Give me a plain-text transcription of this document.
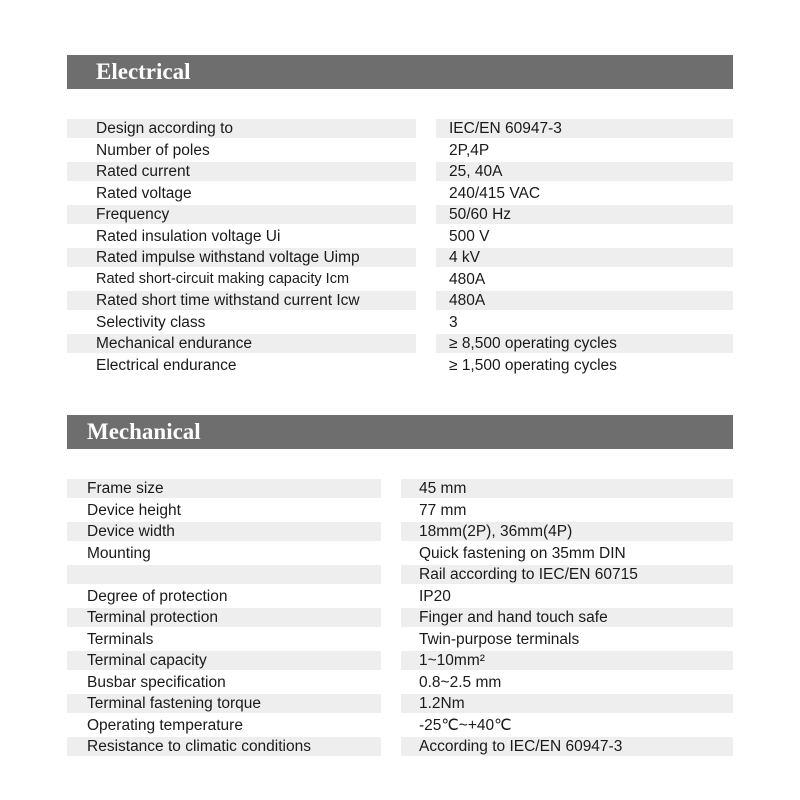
Electrical
Design according to	IEC/EN 60947-3
Number of poles	2P,4P
Rated current	25, 40A
Rated voltage	240/415 VAC
Frequency	50/60 Hz
Rated insulation voltage Ui	500 V
Rated impulse withstand voltage Uimp	4 kV
Rated short-circuit making capacity Icm	480A
Rated short time withstand current Icw	480A
Selectivity class	3
Mechanical endurance	≥ 8,500 operating cycles
Electrical endurance	≥ 1,500 operating cycles
Mechanical
Frame size	45 mm
Device height	77 mm
Device width	18mm(2P), 36mm(4P)
Mounting	Quick fastening on 35mm DIN
Rail according to IEC/EN 60715
Degree of protection	IP20
Terminal protection	Finger and hand touch safe
Terminals	Twin-purpose terminals
Terminal capacity	1~10mm²
Busbar specification	0.8~2.5 mm
Terminal fastening torque	1.2Nm
Operating temperature	-25℃~+40℃
Resistance to climatic conditions	According to IEC/EN 60947-3
